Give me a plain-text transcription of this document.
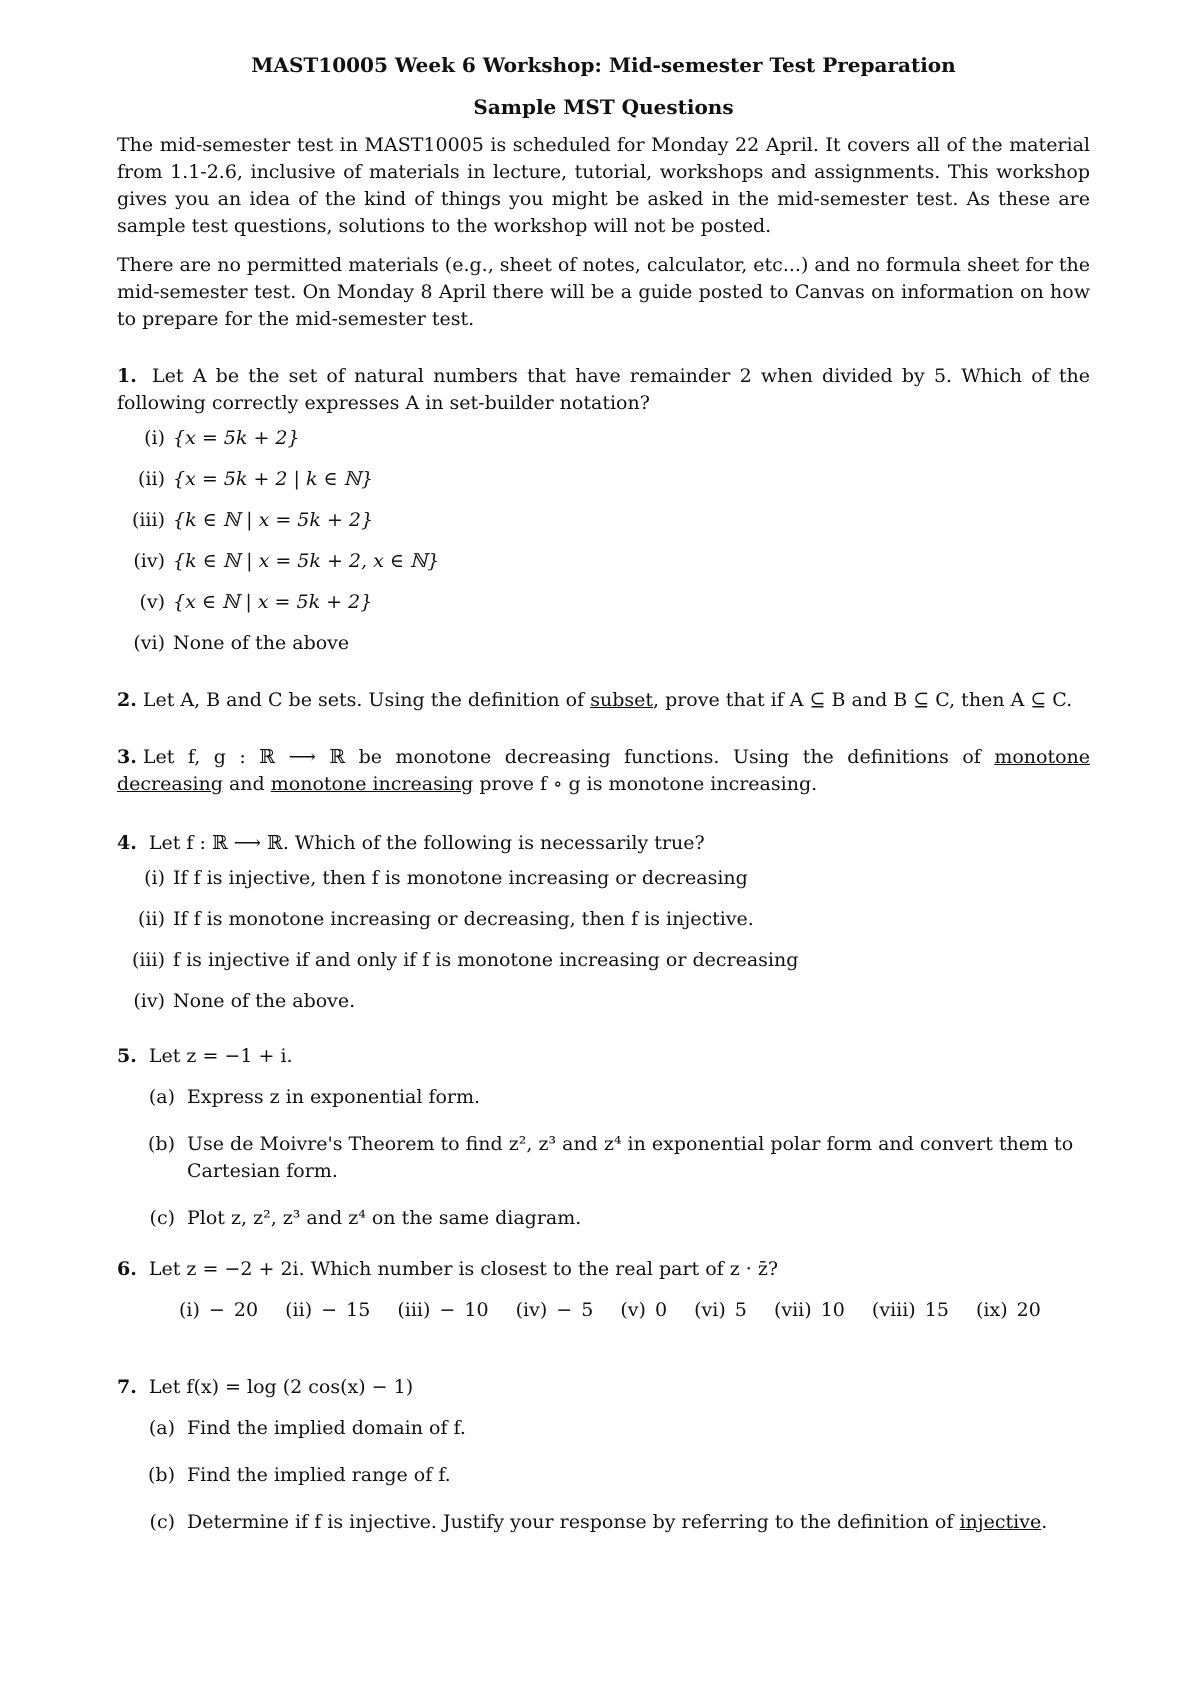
MAST10005 Week 6 Workshop: Mid-semester Test Preparation
Sample MST Questions

The mid-semester test in MAST10005 is scheduled for Monday 22 April. It covers all of the material from 1.1-2.6, inclusive of materials in lecture, tutorial, workshops and assignments. This workshop gives you an idea of the kind of things you might be asked in the mid-semester test. As these are sample test questions, solutions to the workshop will not be posted.

There are no permitted materials (e.g., sheet of notes, calculator, etc...) and no formula sheet for the mid-semester test. On Monday 8 April there will be a guide posted to Canvas on information on how to prepare for the mid-semester test.

1. Let A be the set of natural numbers that have remainder 2 when divided by 5. Which of the following correctly expresses A in set-builder notation?
(i) {x = 5k + 2}
(ii) {x = 5k + 2 | k ∈ ℕ}
(iii) {k ∈ ℕ | x = 5k + 2}
(iv) {k ∈ ℕ | x = 5k + 2, x ∈ ℕ}
(v) {x ∈ ℕ | x = 5k + 2}
(vi) None of the above
2. Let A, B and C be sets. Using the definition of subset, prove that if A ⊆ B and B ⊆ C, then A ⊆ C.
3. Let f, g : ℝ ⟶ ℝ be monotone decreasing functions. Using the definitions of monotone decreasing and monotone increasing prove f ∘ g is monotone increasing.
4. Let f : ℝ ⟶ ℝ. Which of the following is necessarily true?
(i) If f is injective, then f is monotone increasing or decreasing
(ii) If f is monotone increasing or decreasing, then f is injective.
(iii) f is injective if and only if f is monotone increasing or decreasing
(iv) None of the above.
5. Let z = −1 + i.
(a) Express z in exponential form.
(b) Use de Moivre's Theorem to find z², z³ and z⁴ in exponential polar form and convert them to Cartesian form.
(c) Plot z, z², z³ and z⁴ on the same diagram.
6. Let z = −2 + 2i. Which number is closest to the real part of z · z̄?
(i) − 20 (ii) − 15 (iii) − 10 (iv) − 5 (v) 0 (vi) 5 (vii) 10 (viii) 15 (ix) 20
7. Let f(x) = log (2 cos(x) − 1)
(a) Find the implied domain of f.
(b) Find the implied range of f.
(c) Determine if f is injective. Justify your response by referring to the definition of injective.
